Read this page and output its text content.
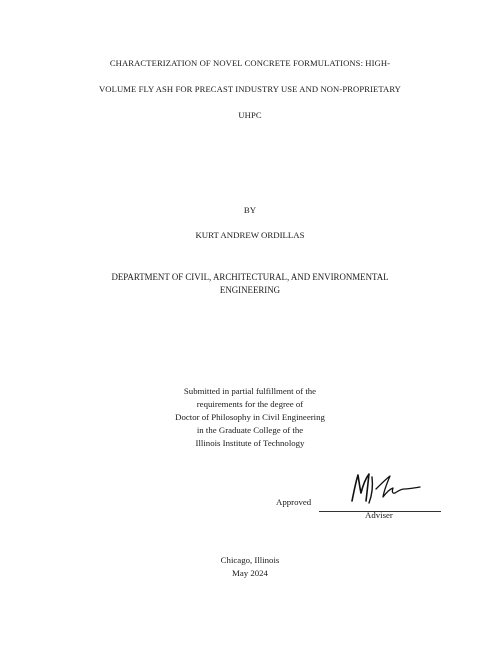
CHARACTERIZATION OF NOVEL CONCRETE FORMULATIONS: HIGH-
VOLUME FLY ASH FOR PRECAST INDUSTRY USE AND NON-PROPRIETARY
UHPC
BY
KURT ANDREW ORDILLAS
DEPARTMENT OF CIVIL, ARCHITECTURAL, AND ENVIRONMENTAL
ENGINEERING
Submitted in partial fulfillment of the
requirements for the degree of
Doctor of Philosophy in Civil Engineering
in the Graduate College of the
Illinois Institute of Technology
Approved
Adviser
Chicago, Illinois
May 2024
